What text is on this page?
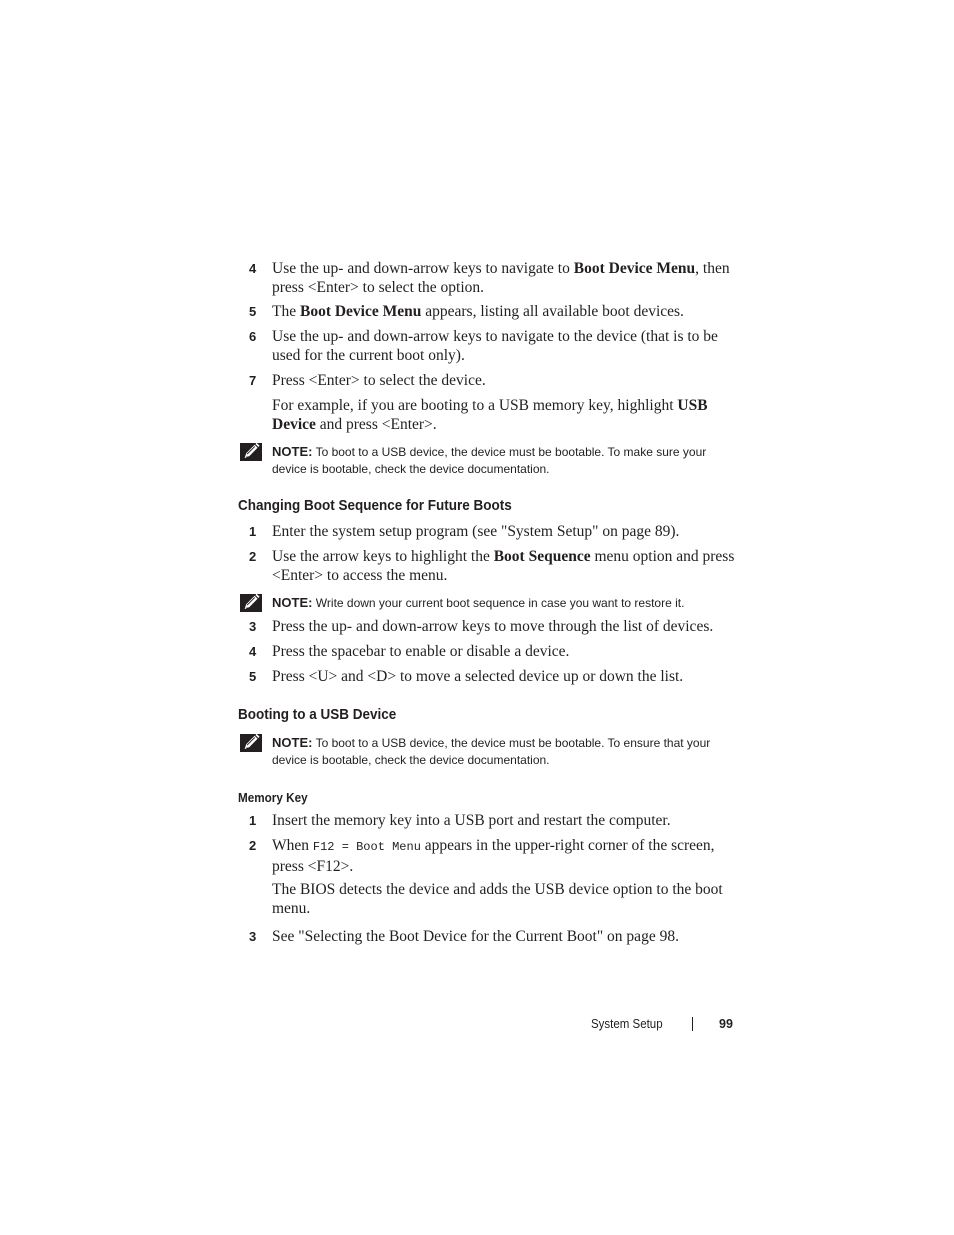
4 Use the up- and down-arrow keys to navigate to Boot Device Menu, then press <Enter> to select the option.
5 The Boot Device Menu appears, listing all available boot devices.
6 Use the up- and down-arrow keys to navigate to the device (that is to be used for the current boot only).
7 Press <Enter> to select the device.
For example, if you are booting to a USB memory key, highlight USB Device and press <Enter>.
NOTE: To boot to a USB device, the device must be bootable. To make sure your device is bootable, check the device documentation.
Changing Boot Sequence for Future Boots
1 Enter the system setup program (see "System Setup" on page 89).
2 Use the arrow keys to highlight the Boot Sequence menu option and press <Enter> to access the menu.
NOTE: Write down your current boot sequence in case you want to restore it.
3 Press the up- and down-arrow keys to move through the list of devices.
4 Press the spacebar to enable or disable a device.
5 Press <U> and <D> to move a selected device up or down the list.
Booting to a USB Device
NOTE: To boot to a USB device, the device must be bootable. To ensure that your device is bootable, check the device documentation.
Memory Key
1 Insert the memory key into a USB port and restart the computer.
2 When F12 = Boot Menu appears in the upper-right corner of the screen, press <F12>.
The BIOS detects the device and adds the USB device option to the boot menu.
3 See "Selecting the Boot Device for the Current Boot" on page 98.
System Setup	99
